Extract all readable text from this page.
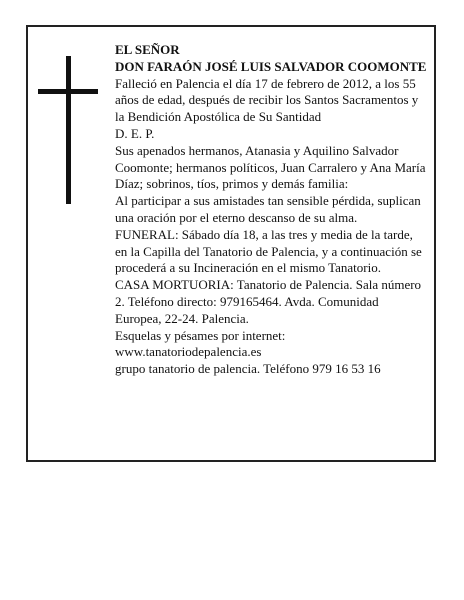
EL SEÑOR

DON FARAÓN JOSÉ LUIS SALVADOR COOMONTE

Falleció en Palencia el día 17 de febrero de 2012, a los 55 años de edad, después de recibir los Santos Sacramentos y la Bendición Apostólica de Su Santidad

D. E. P.

Sus apenados hermanos, Atanasia y Aquilino Salvador Coomonte; hermanos políticos, Juan Carralero y Ana María Díaz; sobrinos, tíos, primos y demás familia:

Al participar a sus amistades tan sensible pérdida, suplican una oración por el eterno descanso de su alma.

FUNERAL: Sábado día 18, a las tres y media de la tarde, en la Capilla del Tanatorio de Palencia, y a continuación se procederá a su Incineración en el mismo Tanatorio.

CASA MORTUORIA: Tanatorio de Palencia. Sala número 2. Teléfono directo: 979165464. Avda. Comunidad Europea, 22-24. Palencia.

Esquelas y pésames por internet:

www.tanatoriodepalencia.es

grupo tanatorio de palencia. Teléfono 979 16 53 16
